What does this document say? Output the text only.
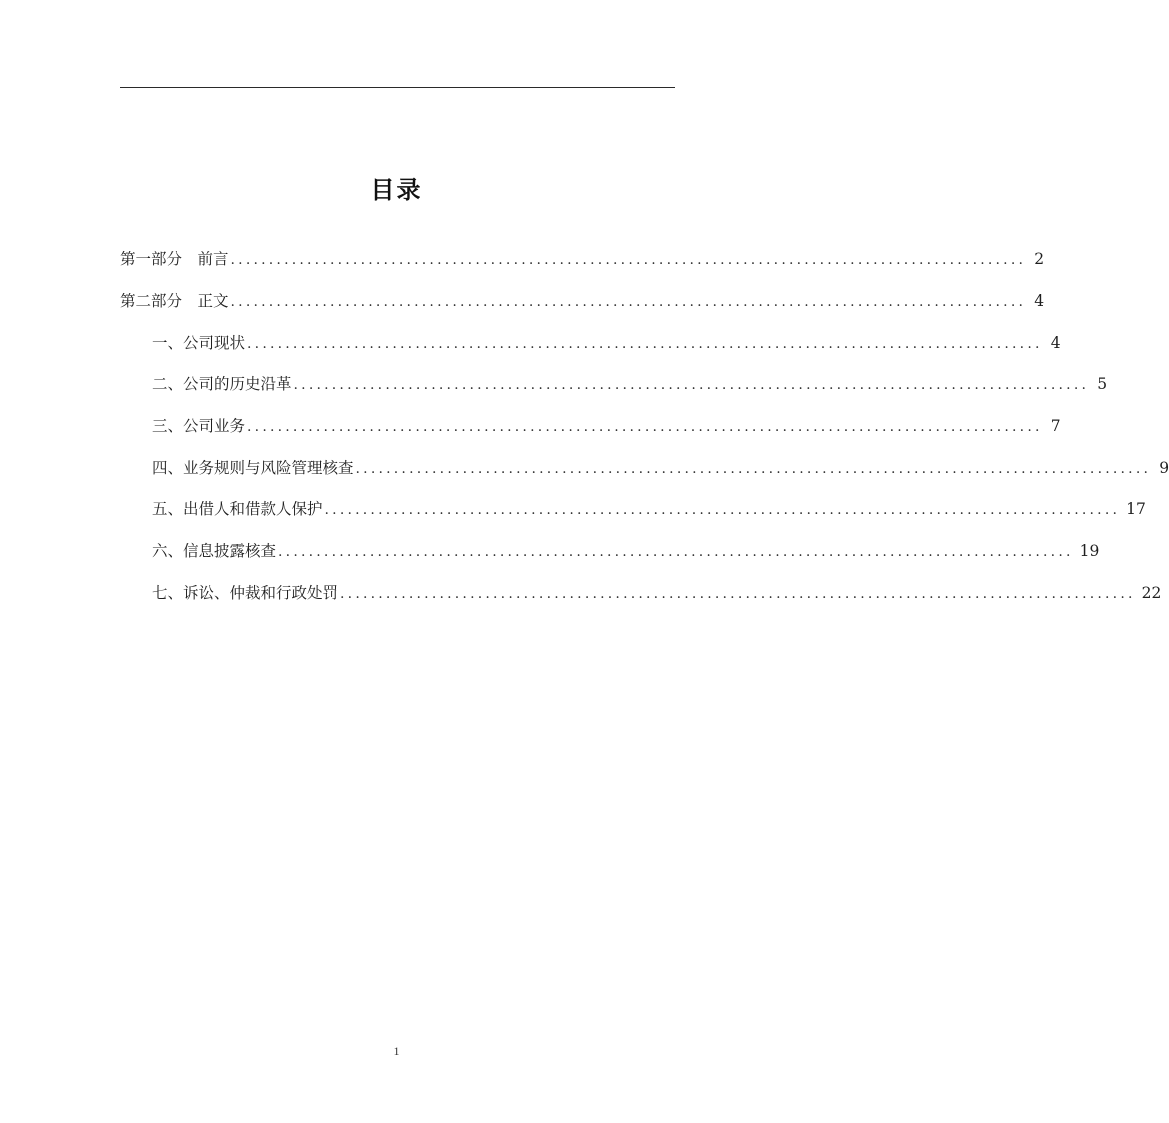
目录
第一部分　前言 ........................................................................................................ 2
第二部分　正文 ........................................................................................................ 4
一、公司现状 ........................................................................................................ 4
二、公司的历史沿革 ........................................................................................................ 5
三、公司业务 ........................................................................................................ 7
四、业务规则与风险管理核查 ........................................................................................................ 9
五、出借人和借款人保护 ........................................................................................................ 17
六、信息披露核查 ........................................................................................................ 19
七、诉讼、仲裁和行政处罚 ........................................................................................................ 22
1
